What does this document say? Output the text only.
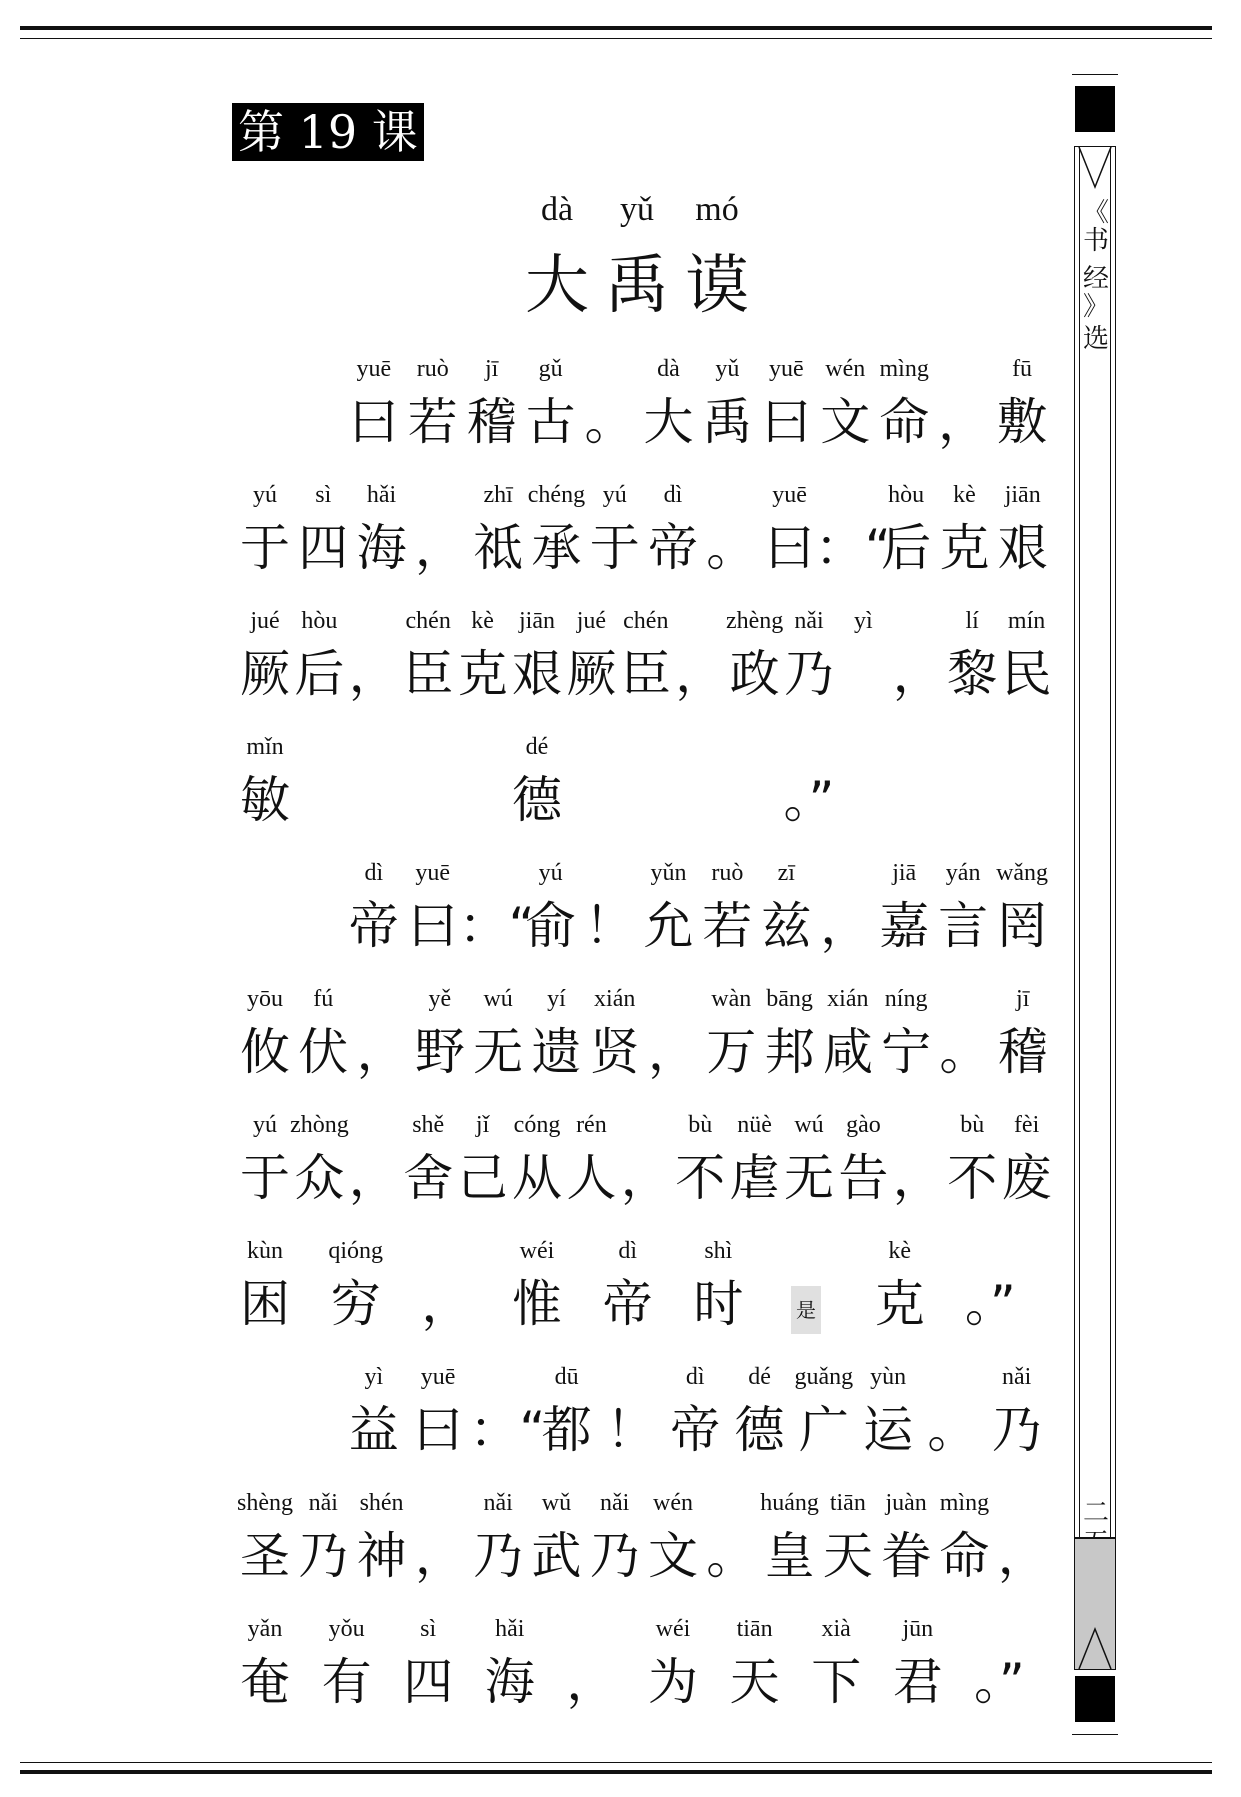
第 19 课
dà
大
yǔ
禹
mó
谟
yuē
曰
ruò
若
jī
稽
gǔ
古 。
dà
大
yǔ
禹
yuē
曰
wén
文
mìng
命 ，
fū
敷
yú
于
sì
四
hǎi
海 ，
zhī
祗
chéng
承
yú
于
dì
帝 。
yuē
曰 ：“
hòu
后
kè
克
jiān
艰
jué
厥
hòu
后 ，
chén
臣
kè
克
jiān
艰
jué
厥
chén
臣 ，
zhèng
政
nǎi
乃
yì
，
lí
黎
mín
民
mǐn
敏
dé
德	。”
dì
帝
yuē
曰 ：“
yú
俞 ！
yǔn
允
ruò
若
zī
兹 ，
jiā
嘉
yán
言
wǎng
罔
yōu
攸
fú
伏 ，
yě
野
wú
无
yí
遗
xián
贤 ，
wàn
万
bāng
邦
xián
咸
níng
宁 。
jī
稽
yú
于
zhòng
众 ，
shě
舍
jǐ
己
cóng
从
rén
人 ，
bù
不
nüè
虐
wú
无
gào
告 ，
bù
不
fèi
废
kùn
困
qióng
穷 ，
wéi
惟
dì
帝
shì
时	是
kè
克 。”
yì
益
yuē
曰 ：“
dū
都 ！
dì
帝
dé
德
guǎng
广
yùn
运 。
nǎi
乃
shèng
圣
nǎi
乃
shén
神 ，
nǎi
乃
wǔ
武
nǎi
乃
wén
文 。
huáng
皇
tiān
天
juàn
眷
mìng
命 ，
yǎn
奄
yǒu
有
sì
四
hǎi
海 ，
wéi
为
tiān
天
xià
下
jūn
君 。”
《
书
经
》
选
二
